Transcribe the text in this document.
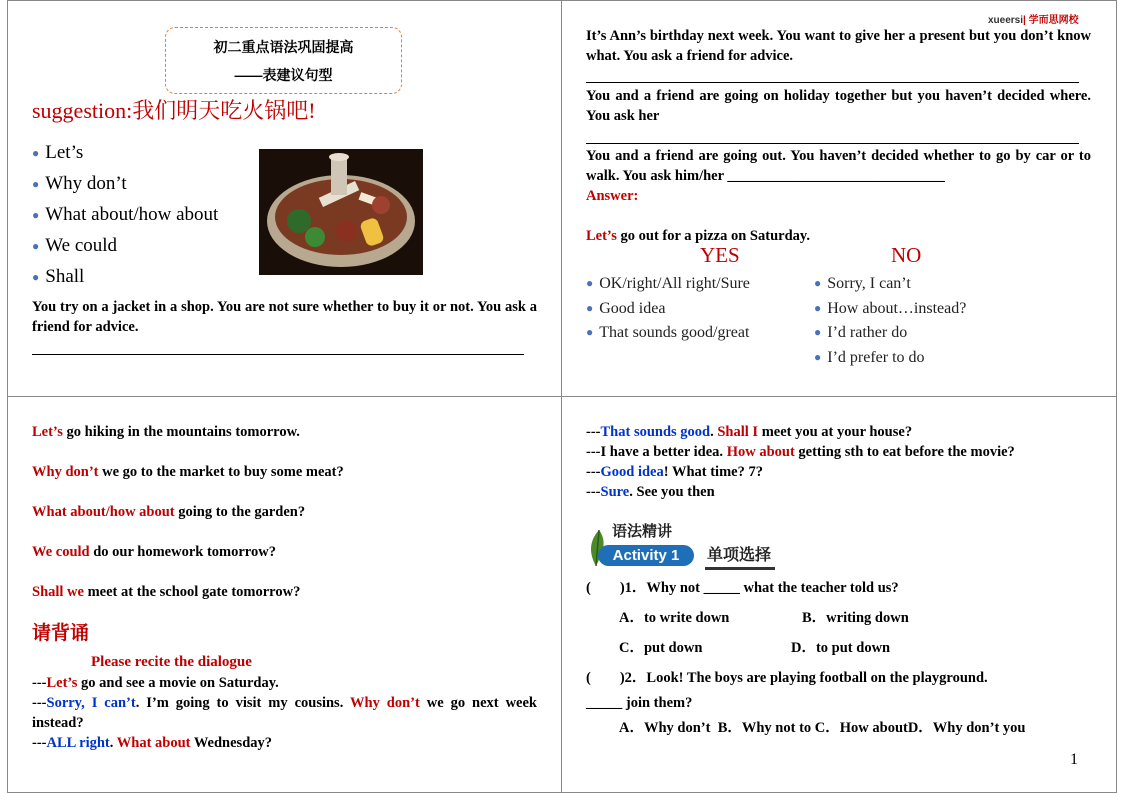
xueersi| 学而思网校
初二重点语法巩固提高
——表建议句型
suggestion:我们明天吃火锅吧!
● Let’s
● Why don’t
● What about/how about
● We could
● Shall
You try on a jacket in a shop. You are not sure whether to buy it or not. You ask a friend for advice.
It’s Ann’s birthday next week. You want to give her a present but you don’t know what. You ask a friend for advice.
You and a friend are going on holiday together but you haven’t decided where. You ask her
You and a friend are going out. You haven’t decided whether to go by car or to walk. You ask him/her ______________________________
Answer:
Let’s go out for a pizza on Saturday.
YES	NO
● OK/right/All right/Sure
● Good idea
● That sounds good/great
● Sorry, I can’t
● How about…instead?
● I’d rather do
● I’d prefer to do
Let’s go hiking in the mountains tomorrow.
Why don’t we go to the market to buy some meat?
What about/how about going to the garden?
We could do our homework tomorrow?
Shall we meet at the school gate tomorrow?
请背诵
Please recite the dialogue
---Let’s go and see a movie on Saturday.
---Sorry, I can’t. I’m going to visit my cousins. Why don’t we go next week instead?
---ALL right. What about Wednesday?
---That sounds good. Shall I meet you at your house?
---I have a better idea. How about getting sth to eat before the movie?
---Good idea! What time? 7?
---Sure. See you then
语法精讲
Activity 1	单项选择
(        )1．Why not _____ what the teacher told us?
A．to write down	B．writing down
C．put down	D．to put down
(        )2．Look! The boys are playing football on the playground.
_____ join them?
A．Why don’t  B．Why not to C．How aboutD．Why don’t you
1
